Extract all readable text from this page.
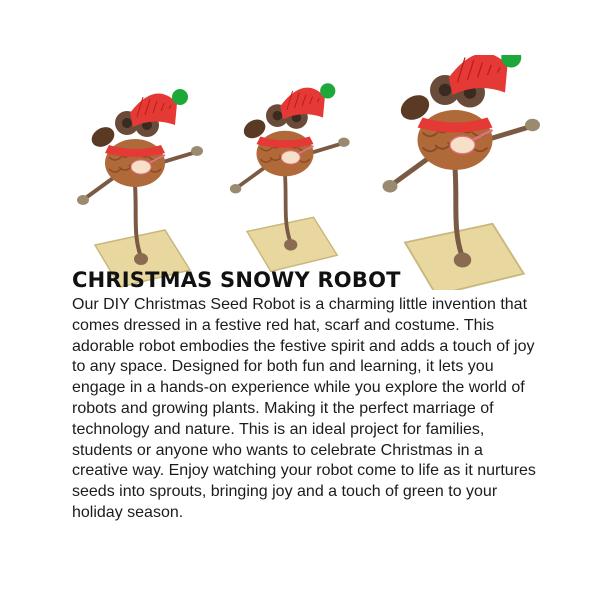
CHRISTMAS SNOWY ROBOT

Our DIY Christmas Seed Robot is a charming little invention that comes dressed in a festive red hat, scarf and costume. This adorable robot embodies the festive spirit and adds a touch of joy to any space. Designed for both fun and learning, it lets you engage in a hands-on experience while you explore the world of robots and growing plants. Making it the perfect marriage of technology and nature. This is an ideal project for families, students or anyone who wants to celebrate Christmas in a creative way. Enjoy watching your robot come to life as it nurtures seeds into sprouts, bringing joy and a touch of green to your holiday season.
